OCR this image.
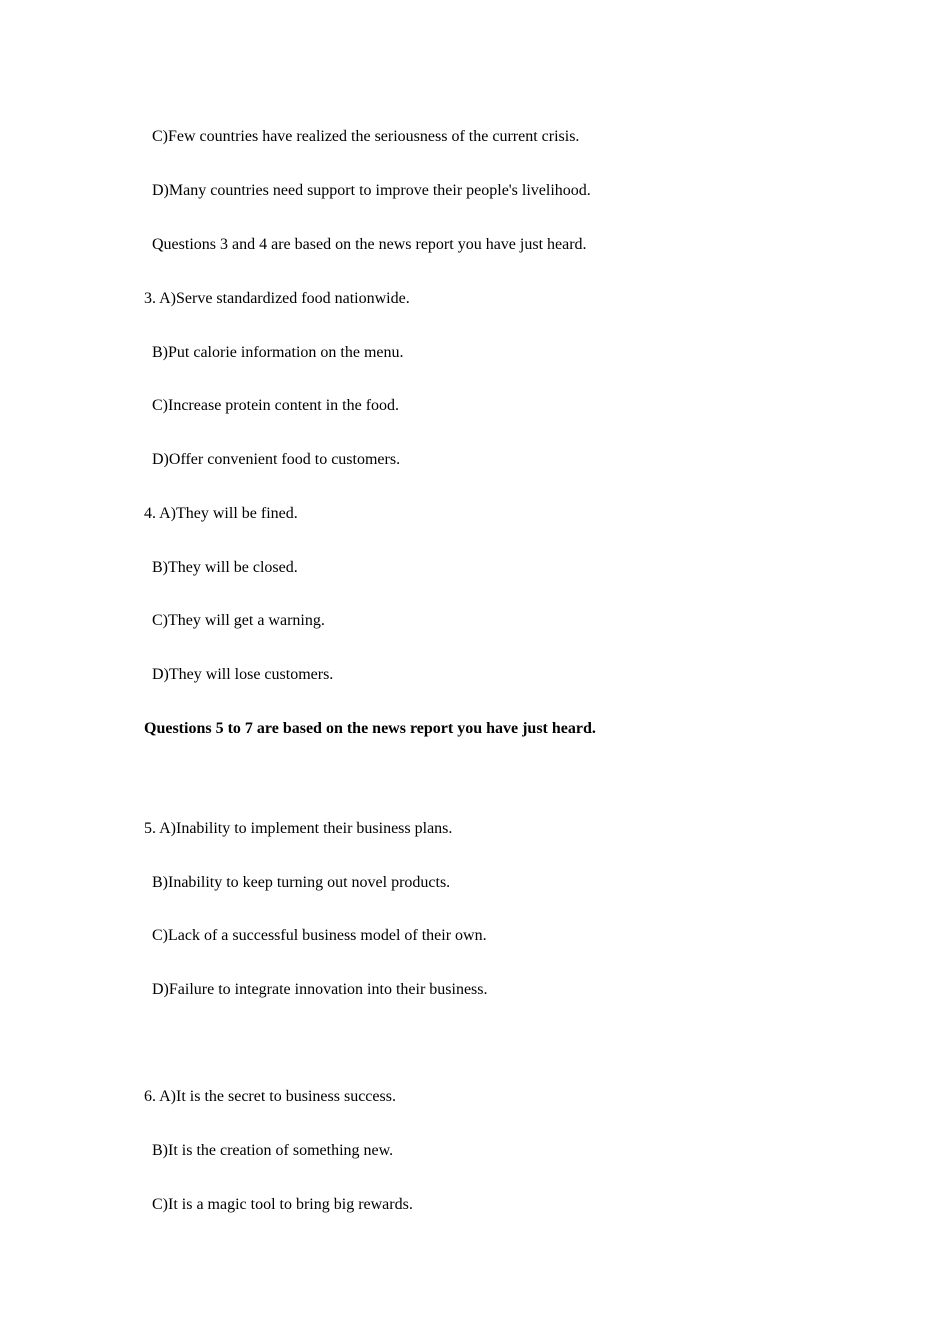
C)Few countries have realized the seriousness of the current crisis.

D)Many countries need support to improve their people's livelihood.

Questions 3 and 4 are based on the news report you have just heard.

3. A)Serve standardized food nationwide.

B)Put calorie information on the menu.

C)Increase protein content in the food.

D)Offer convenient food to customers.

4. A)They will be fined.

B)They will be closed.

C)They will get a warning.

D)They will lose customers.

Questions 5 to 7 are based on the news report you have just heard.

5. A)Inability to implement their business plans.

B)Inability to keep turning out novel products.

C)Lack of a successful business model of their own.

D)Failure to integrate innovation into their business.

6. A)It is the secret to business success.

B)It is the creation of something new.

C)It is a magic tool to bring big rewards.
